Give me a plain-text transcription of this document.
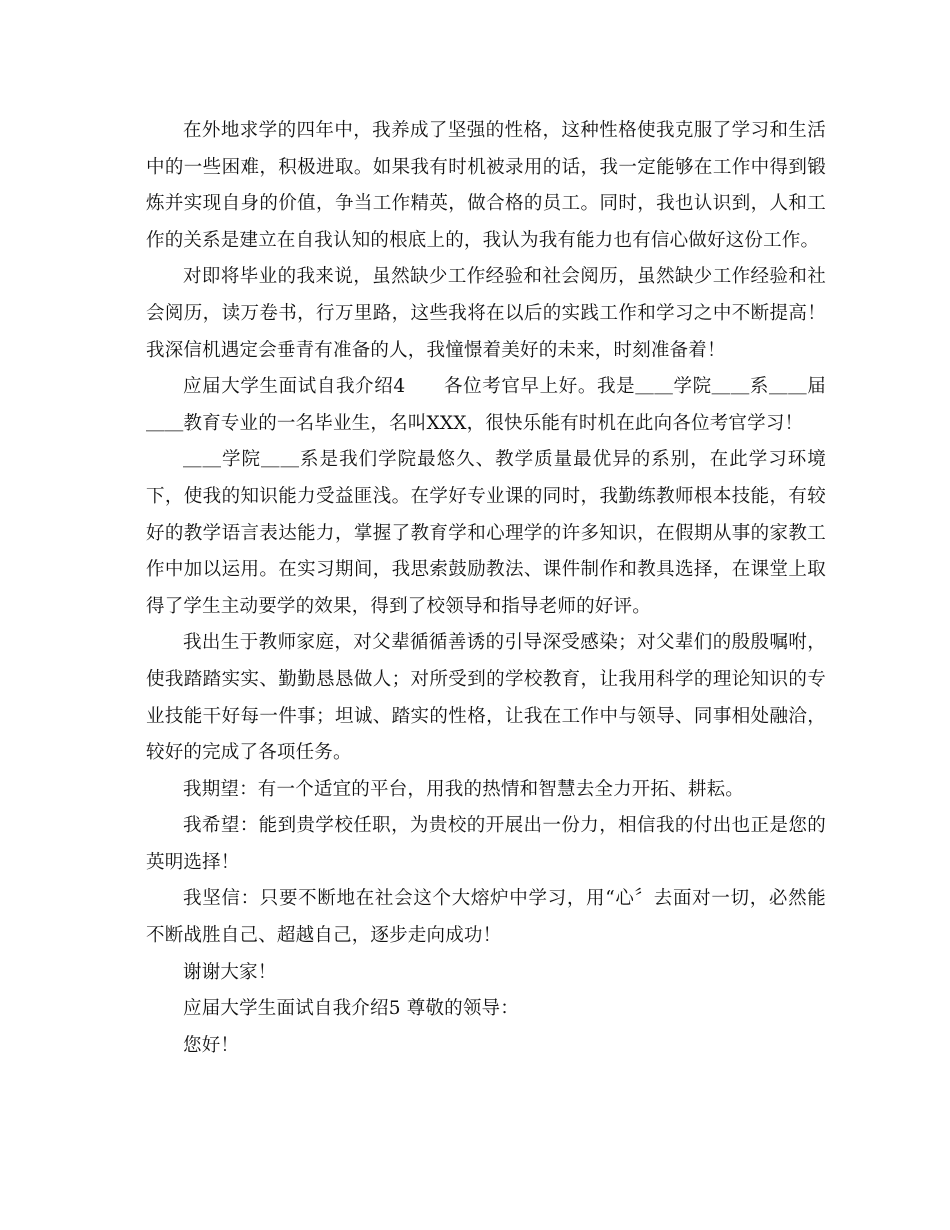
在外地求学的四年中，我养成了坚强的性格，这种性格使我克服了学习和生活中的一些困难，积极进取。如果我有时机被录用的话，我一定能够在工作中得到锻炼并实现自身的价值，争当工作精英，做合格的员工。同时，我也认识到，人和工作的关系是建立在自我认知的根底上的，我认为我有能力也有信心做好这份工作。

对即将毕业的我来说，虽然缺少工作经验和社会阅历，虽然缺少工作经验和社会阅历，读万卷书，行万里路，这些我将在以后的实践工作和学习之中不断提高！我深信机遇定会垂青有准备的人，我憧憬着美好的未来，时刻准备着！

应届大学生面试自我介绍4　　各位考官早上好。我是＿＿学院＿＿系＿＿届＿＿教育专业的一名毕业生，名叫XXX，很快乐能有时机在此向各位考官学习！

＿＿学院＿＿系是我们学院最悠久、教学质量最优异的系别，在此学习环境下，使我的知识能力受益匪浅。在学好专业课的同时，我勤练教师根本技能，有较好的教学语言表达能力，掌握了教育学和心理学的许多知识，在假期从事的家教工作中加以运用。在实习期间，我思索鼓励教法、课件制作和教具选择，在课堂上取得了学生主动要学的效果，得到了校领导和指导老师的好评。

我出生于教师家庭，对父辈循循善诱的引导深受感染；对父辈们的殷殷嘱咐，使我踏踏实实、勤勤恳恳做人；对所受到的学校教育，让我用科学的理论知识的专业技能干好每一件事；坦诚、踏实的性格，让我在工作中与领导、同事相处融洽，较好的完成了各项任务。

我期望：有一个适宜的平台，用我的热情和智慧去全力开拓、耕耘。

我希望：能到贵学校任职，为贵校的开展出一份力，相信我的付出也正是您的英明选择！

我坚信：只要不断地在社会这个大熔炉中学习，用“心〞去面对一切，必然能不断战胜自己、超越自己，逐步走向成功！

谢谢大家！

应届大学生面试自我介绍5 尊敬的领导：

您好！
